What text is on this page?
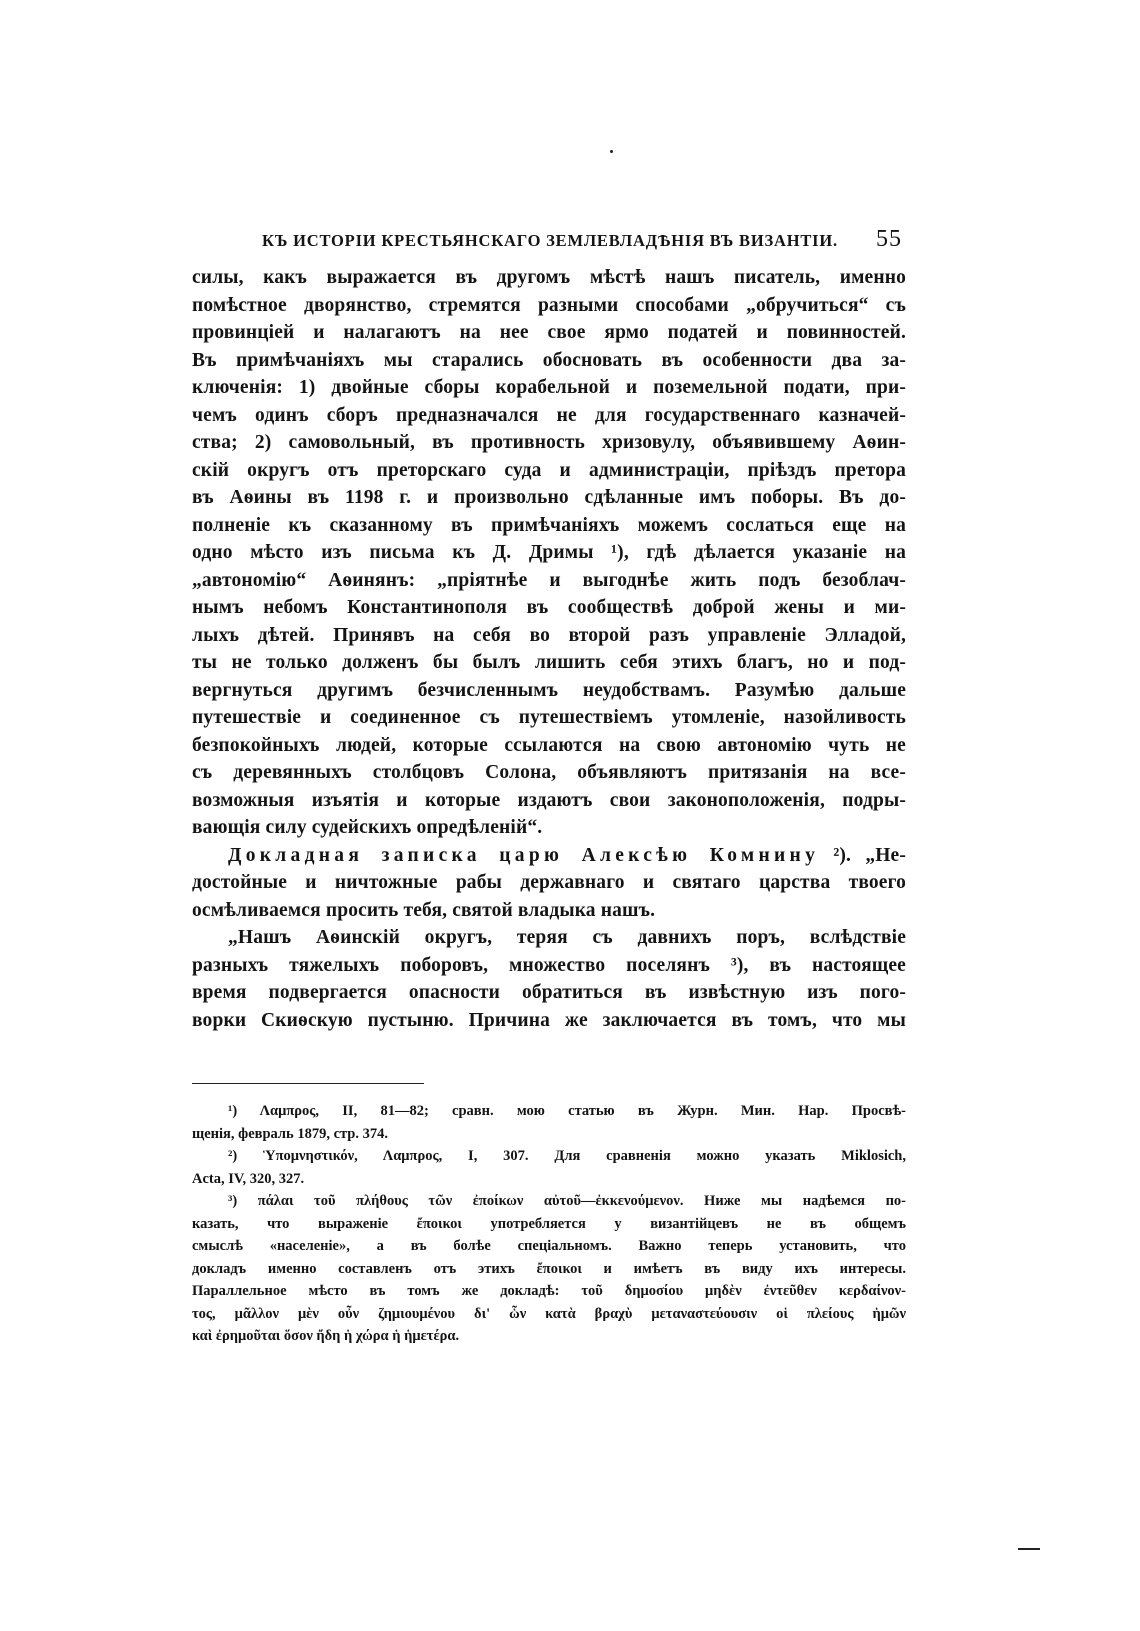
КЪ ИСТОРІИ КРЕСТЬЯНСКАГО ЗЕМЛЕВЛАДѢНІЯ ВЪ ВИЗАНТІИ. 55
силы, какъ выражается въ другомъ мѣстѣ нашъ писатель, именно
помѣстное дворянство, стремятся разными способами „обручиться“ съ
провинціей и налагаютъ на нее свое ярмо податей и повинностей.
Въ примѣчаніяхъ мы старались обосновать въ особенности два за-
ключенія: 1) двойные сборы корабельной и поземельной подати, при-
чемъ одинъ сборъ предназначался не для государственнаго казначей-
ства; 2) самовольный, въ противность хризовулу, объявившему Аѳин-
скій округъ отъ преторскаго суда и администраціи, пріѣздъ претора
въ Аѳины въ 1198 г. и произвольно сдѣланные имъ поборы. Въ до-
полненіе къ сказанному въ примѣчаніяхъ можемъ сослаться еще на
одно мѣсто изъ письма къ Д. Дримы ¹), гдѣ дѣлается указаніе на
„автономію“ Аѳинянъ: „пріятнѣе и выгоднѣе жить подъ безоблач-
нымъ небомъ Константинополя въ сообществѣ доброй жены и ми-
лыхъ дѣтей. Принявъ на себя во второй разъ управленіе Элладой,
ты не только долженъ бы былъ лишить себя этихъ благъ, но и под-
вергнуться другимъ безчисленнымъ неудобствамъ. Разумѣю дальше
путешествіе и соединенное съ путешествіемъ утомленіе, назойливость
безпокойныхъ людей, которые ссылаются на свою автономію чуть не
съ деревянныхъ столбцовъ Солона, объявляютъ притязанія на все-
возможныя изъятія и которые издаютъ свои законоположенія, подры-
вающія силу судейскихъ опредѣленій“.
Докладная записка царю Алексѣю Комнину ²). „Не-
достойные и ничтожные рабы державнаго и святаго царства твоего
осмѣливаемся просить тебя, святой владыка нашъ.
„Нашъ Аѳинскій округъ, теряя съ давнихъ поръ, вслѣдствіе
разныхъ тяжелыхъ поборовъ, множество поселянъ ³), въ настоящее
время подвергается опасности обратиться въ извѣстную изъ пого-
ворки Скиѳскую пустыню. Причина же заключается въ томъ, что мы
¹) Λαμπρος, II, 81—82; сравн. мою статью въ Журн. Мин. Нар. Просвѣ-
щенія, февраль 1879, стр. 374.
²) Ὑπομνηστικόν, Λαμπρος, I, 307. Для сравненія можно указать Miklosich,
Acta, IV, 320, 327.
³) πάλαι τοῦ πλήθους τῶν ἐποίκων αὐτοῦ—ἐκκενούμενον. Ниже мы надѣемся по-
казать, что выраженіе ἔποικοι употребляется у византійцевъ не въ общемъ
смыслѣ «населеніе», а въ болѣе спеціальномъ. Важно теперь установить, что
докладъ именно составленъ отъ этихъ ἔποικοι и имѣетъ въ виду ихъ интересы.
Параллельное мѣсто въ томъ же докладѣ: τοῦ δημοσίου μηδὲν ἐντεῦθεν κερδαίνον-
τος, μᾶλλον μὲν οὖν ζημιουμένου δι' ὧν κατὰ βραχὺ μεταναστεύουσιν οἱ πλείους ἡμῶν
καὶ ἐρημοῦται ὅσον ἤδη ἡ χώρα ἡ ἡμετέρα.
